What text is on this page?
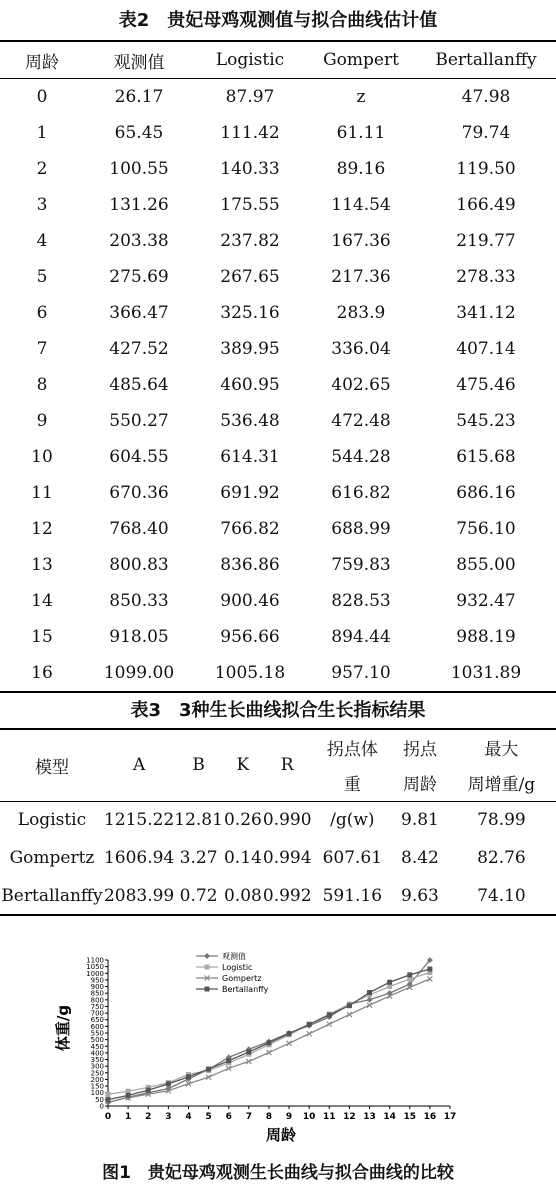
表2　贵妃母鸡观测值与拟合曲线估计值
周龄	观测值	Logistic	Gompert	Bertallanffy
0	26.17	87.97	z	47.98
1	65.45	111.42	61.11	79.74
2	100.55	140.33	89.16	119.50
3	131.26	175.55	114.54	166.49
4	203.38	237.82	167.36	219.77
5	275.69	267.65	217.36	278.33
6	366.47	325.16	283.9	341.12
7	427.52	389.95	336.04	407.14
8	485.64	460.95	402.65	475.46
9	550.27	536.48	472.48	545.23
10	604.55	614.31	544.28	615.68
11	670.36	691.92	616.82	686.16
12	768.40	766.82	688.99	756.10
13	800.83	836.86	759.83	855.00
14	850.33	900.46	828.53	932.47
15	918.05	956.66	894.44	988.19
16	1099.00	1005.18	957.10	1031.89
表3　3种生长曲线拟合生长指标结果
模型	A	B	K	R	拐点体	拐点	最大
					重	周龄	周增重/g
Logistic	1215.22	12.81	0.26	0.990	/g(w)	9.81	78.99
Gompertz	1606.94	3.27	0.14	0.994	607.61	8.42	82.76
Bertallanffy	2083.99	0.72	0.08	0.992	591.16	9.63	74.10
0 1 2 3 4 5 6 7 8 9 10 11 12 13 14 15 16 17
0
50
100
150
200
250
300
350
400
450
500
550
600
650
700
750
800
850
900
950
1000
1050
1100	观测值
Logistic
Gompertz
Bertallanffy
体重/g
周龄
图1　贵妃母鸡观测生长曲线与拟合曲线的比较
